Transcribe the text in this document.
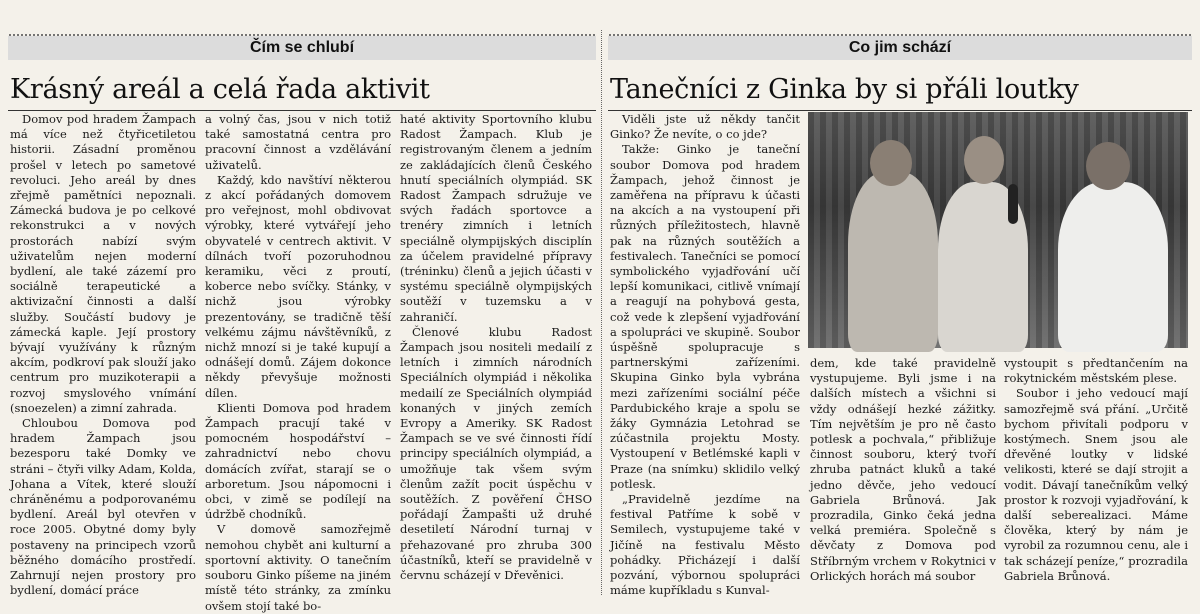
Čím se chlubí	Co jim schází
Krásný areál a celá řada aktivit	Tanečníci z Ginka by si přáli loutky

Domov pod hradem Žampach má více než čtyřicetiletou historii. Zásadní proměnou prošel v letech po sametové revoluci. Jeho areál by dnes zřejmě pamětníci nepoznali. Zámecká budova je po celkové rekonstrukci a v nových prostorách nabízí svým uživatelům nejen moderní bydlení, ale také zázemí pro sociálně terapeutické a aktivizační činnosti a další služby. Součástí budovy je zámecká kaple. Její prostory bývají využívány k různým akcím, podkroví pak slouží jako centrum pro muzikoterapii a rozvoj smyslového vnímání (snoezelen) a zimní zahrada.

Chloubou Domova pod hradem Žampach jsou bezesporu také Domky ve stráni – čtyři vilky Adam, Kolda, Johana a Vítek, které slouží chráněnému a podporovanému bydlení. Areál byl otevřen v roce 2005. Obytné domy byly postaveny na principech vzorů běžného domácího prostředí. Zahrnují nejen prostory pro bydlení, domácí práce

a volný čas, jsou v nich totiž také samostatná centra pro pracovní činnost a vzdělávání uživatelů.

Každý, kdo navštíví některou z akcí pořádaných domovem pro veřejnost, mohl obdivovat výrobky, které vytvářejí jeho obyvatelé v centrech aktivit. V dílnách tvoří pozoruhodnou keramiku, věci z proutí, koberce nebo svíčky. Stánky, v nichž jsou výrobky prezentovány, se tradičně těší velkému zájmu návštěvníků, z nichž mnozí si je také kupují a odnášejí domů. Zájem dokonce někdy převyšuje možnosti dílen.

Klienti Domova pod hradem Žampach pracují také v pomocném hospodářství – zahradnictví nebo chovu domácích zvířat, starají se o arboretum. Jsou nápomocni i obci, v zimě se podílejí na údržbě chodníků.

V domově samozřejmě nemohou chybět ani kulturní a sportovní aktivity. O tanečním souboru Ginko píšeme na jiném místě této stránky, za zmínku ovšem stojí také bo-

haté aktivity Sportovního klubu Radost Žampach. Klub je registrovaným členem a jedním ze zakládajících členů Českého hnutí speciálních olympiád. SK Radost Žampach sdružuje ve svých řadách sportovce a trenéry zimních i letních speciálně olympijských disciplín za účelem pravidelné přípravy (tréninku) členů a jejich účasti v systému speciálně olympijských soutěží v tuzemsku a v zahraničí.

Členové klubu Radost Žampach jsou nositeli medailí z letních i zimních národních Speciálních olympiád i několika medailí ze Speciálních olympiád konaných v jiných zemích Evropy a Ameriky. SK Radost Žampach se ve své činnosti řídí principy speciálních olympiád, a umožňuje tak všem svým členům zažít pocit úspěchu v soutěžích. Z pověření ČHSO pořádají Žampašti už druhé desetiletí Národní turnaj v přehazované pro zhruba 300 účastníků, kteří se pravidelně v červnu scházejí v Dřevěnici.

Viděli jste už někdy tančit Ginko? Že nevíte, o co jde?

Takže: Ginko je taneční soubor Domova pod hradem Žampach, jehož činnost je zaměřena na přípravu k účasti na akcích a na vystoupení při různých příležitostech, hlavně pak na různých soutěžích a festivalech. Tanečníci se pomocí symbolického vyjadřování učí lepší komunikaci, citlivě vnímají a reagují na pohybová gesta, což vede k zlepšení vyjadřování a spolupráci ve skupině. Soubor úspěšně spolupracuje s partnerskými zařízeními. Skupina Ginko byla vybrána mezi zařízeními sociální péče Pardubického kraje a spolu se žáky Gymnázia Letohrad se zúčastnila projektu Mosty. Vystoupení v Betlémské kapli v Praze (na snímku) sklidilo velký potlesk.

„Pravidelně jezdíme na festival Patříme k sobě v Semilech, vystupujeme také v Jičíně na festivalu Město pohádky. Přicházejí i další pozvání, výbornou spolupráci máme kupříkladu s Kunval-

dem, kde také pravidelně vystupujeme. Byli jsme i na dalších místech a všichni si vždy odnášejí hezké zážitky. Tím největším je pro ně často potlesk a pochvala,“ přibližuje činnost souboru, který tvoří zhruba patnáct kluků a také jedno děvče, jeho vedoucí Gabriela Brůnová. Jak prozradila, Ginko čeká jedna velká premiéra. Společně s děvčaty z Domova pod Stříbrným vrchem v Rokytnici v Orlických horách má soubor

vystoupit s předtančením na rokytnickém městském plese.

Soubor i jeho vedoucí mají samozřejmě svá přání. „Určitě bychom přivítali podporu v kostýmech. Snem jsou ale dřevěné loutky v lidské velikosti, které se dají strojit a vodit. Dávají tanečníkům velký prostor k rozvoji vyjadřování, k další seberealizaci. Máme člověka, který by nám je vyrobil za rozumnou cenu, ale i tak scházejí peníze,“ prozradila Gabriela Brůnová.
